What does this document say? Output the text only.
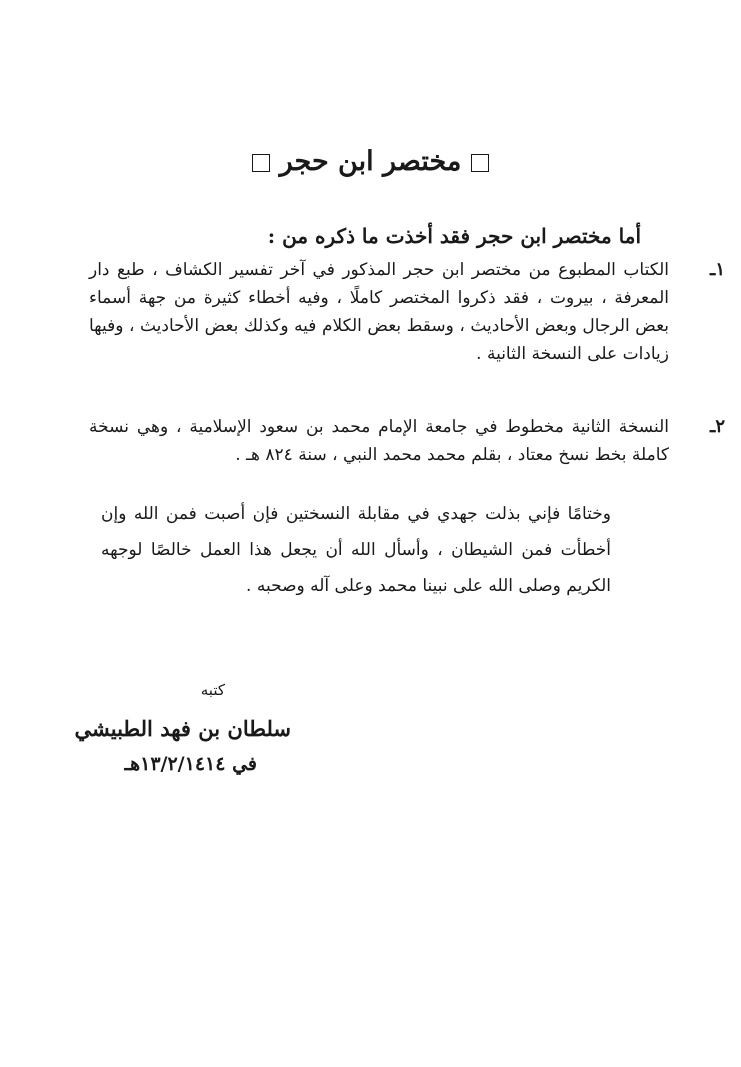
مختصر ابن حجر
أما مختصر ابن حجر فقد أخذت ما ذكره من :
١ـ
الكتاب المطبوع من مختصر ابن حجر المذكور في آخر تفسير الكشاف ، طبع دار المعرفة ، بيروت ، فقد ذكروا المختصر كاملًا ، وفيه أخطاء كثيرة من جهة أسماء بعض الرجال وبعض الأحاديث ، وسقط بعض الكلام فيه وكذلك بعض الأحاديث ، وفيها زيادات على النسخة الثانية .
٢ـ
النسخة الثانية مخطوط في جامعة الإمام محمد بن سعود الإسلامية ، وهي نسخة كاملة بخط نسخ معتاد ، بقلم محمد محمد النبي ، سنة ٨٢٤ هـ .
وختامًا فإني بذلت جهدي في مقابلة النسختين فإن أصبت فمن الله وإن أخطأت فمن الشيطان ، وأسأل الله أن يجعل هذا العمل خالصًا لوجهه الكريم وصلى الله على نبينا محمد وعلى آله وصحبه .
كتبه
سلطان بن فهد الطبيشي
في ١٣/٢/١٤١٤هـ
